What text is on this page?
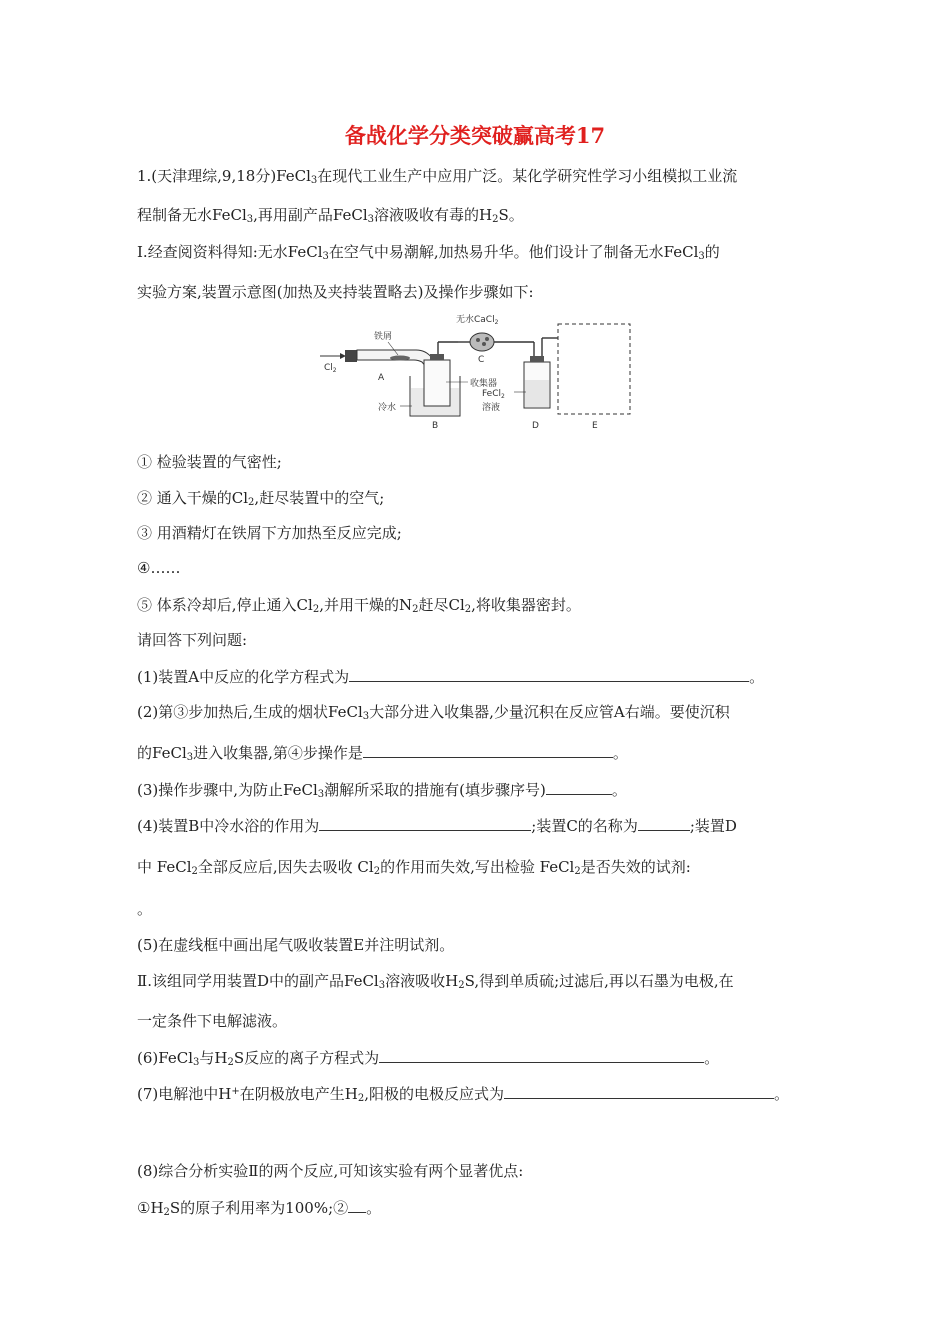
备战化学分类突破赢高考17
1.(天津理综,9,18分)FeCl$_3$在现代工业生产中应用广泛。某化学研究性学习小组模拟工业流
程制备无水FeCl$_3$,再用副产品FeCl$_3$溶液吸收有毒的$H_2S$。
Ⅰ.经查阅资料得知:无水FeCl$_3$在空气中易潮解,加热易升华。他们设计了制备无水FeCl$_3$的
实验方案,装置示意图(加热及夹持装置略去)及操作步骤如下:
$Cl_2$
铁屑
A
收集器
冷水
B
无水CaCl$_2$
C
FeCl$_2$
溶液
D	E
① 检验装置的气密性;
② 通入干燥的$Cl_2$,赶尽装置中的空气;
③ 用酒精灯在铁屑下方加热至反应完成;
④……
⑤ 体系冷却后,停止通入$Cl_2$,并用干燥的$N_2$赶尽$Cl_2$,将收集器密封。
请回答下列问题:
(1)装置A中反应的化学方程式为	。
(2)第③步加热后,生成的烟状FeCl$_3$大部分进入收集器,少量沉积在反应管A右端。要使沉积
的FeCl$_3$进入收集器,第④步操作是	。
(3)操作步骤中,为防止FeCl$_3$潮解所采取的措施有(填步骤序号)	。
(4)装置B中冷水浴的作用为	;装置C的名称为	;装置D
中 FeCl$_2$全部反应后,因失去吸收 $Cl_2$的作用而失效,写出检验 FeCl$_2$是否失效的试剂:
。
(5)在虚线框中画出尾气吸收装置E并注明试剂。
Ⅱ.该组同学用装置D中的副产品FeCl$_3$溶液吸收$H_2S$,得到单质硫;过滤后,再以石墨为电极,在
一定条件下电解滤液。
(6)FeCl$_3$与$H_2S$反应的离子方程式为	。
(7)电解池中H+在阴极放电产生$H_2$,阳极的电极反应式为	。
(8)综合分析实验Ⅱ的两个反应,可知该实验有两个显著优点:
$①H_2S$的原子利用率为100%;② 。
